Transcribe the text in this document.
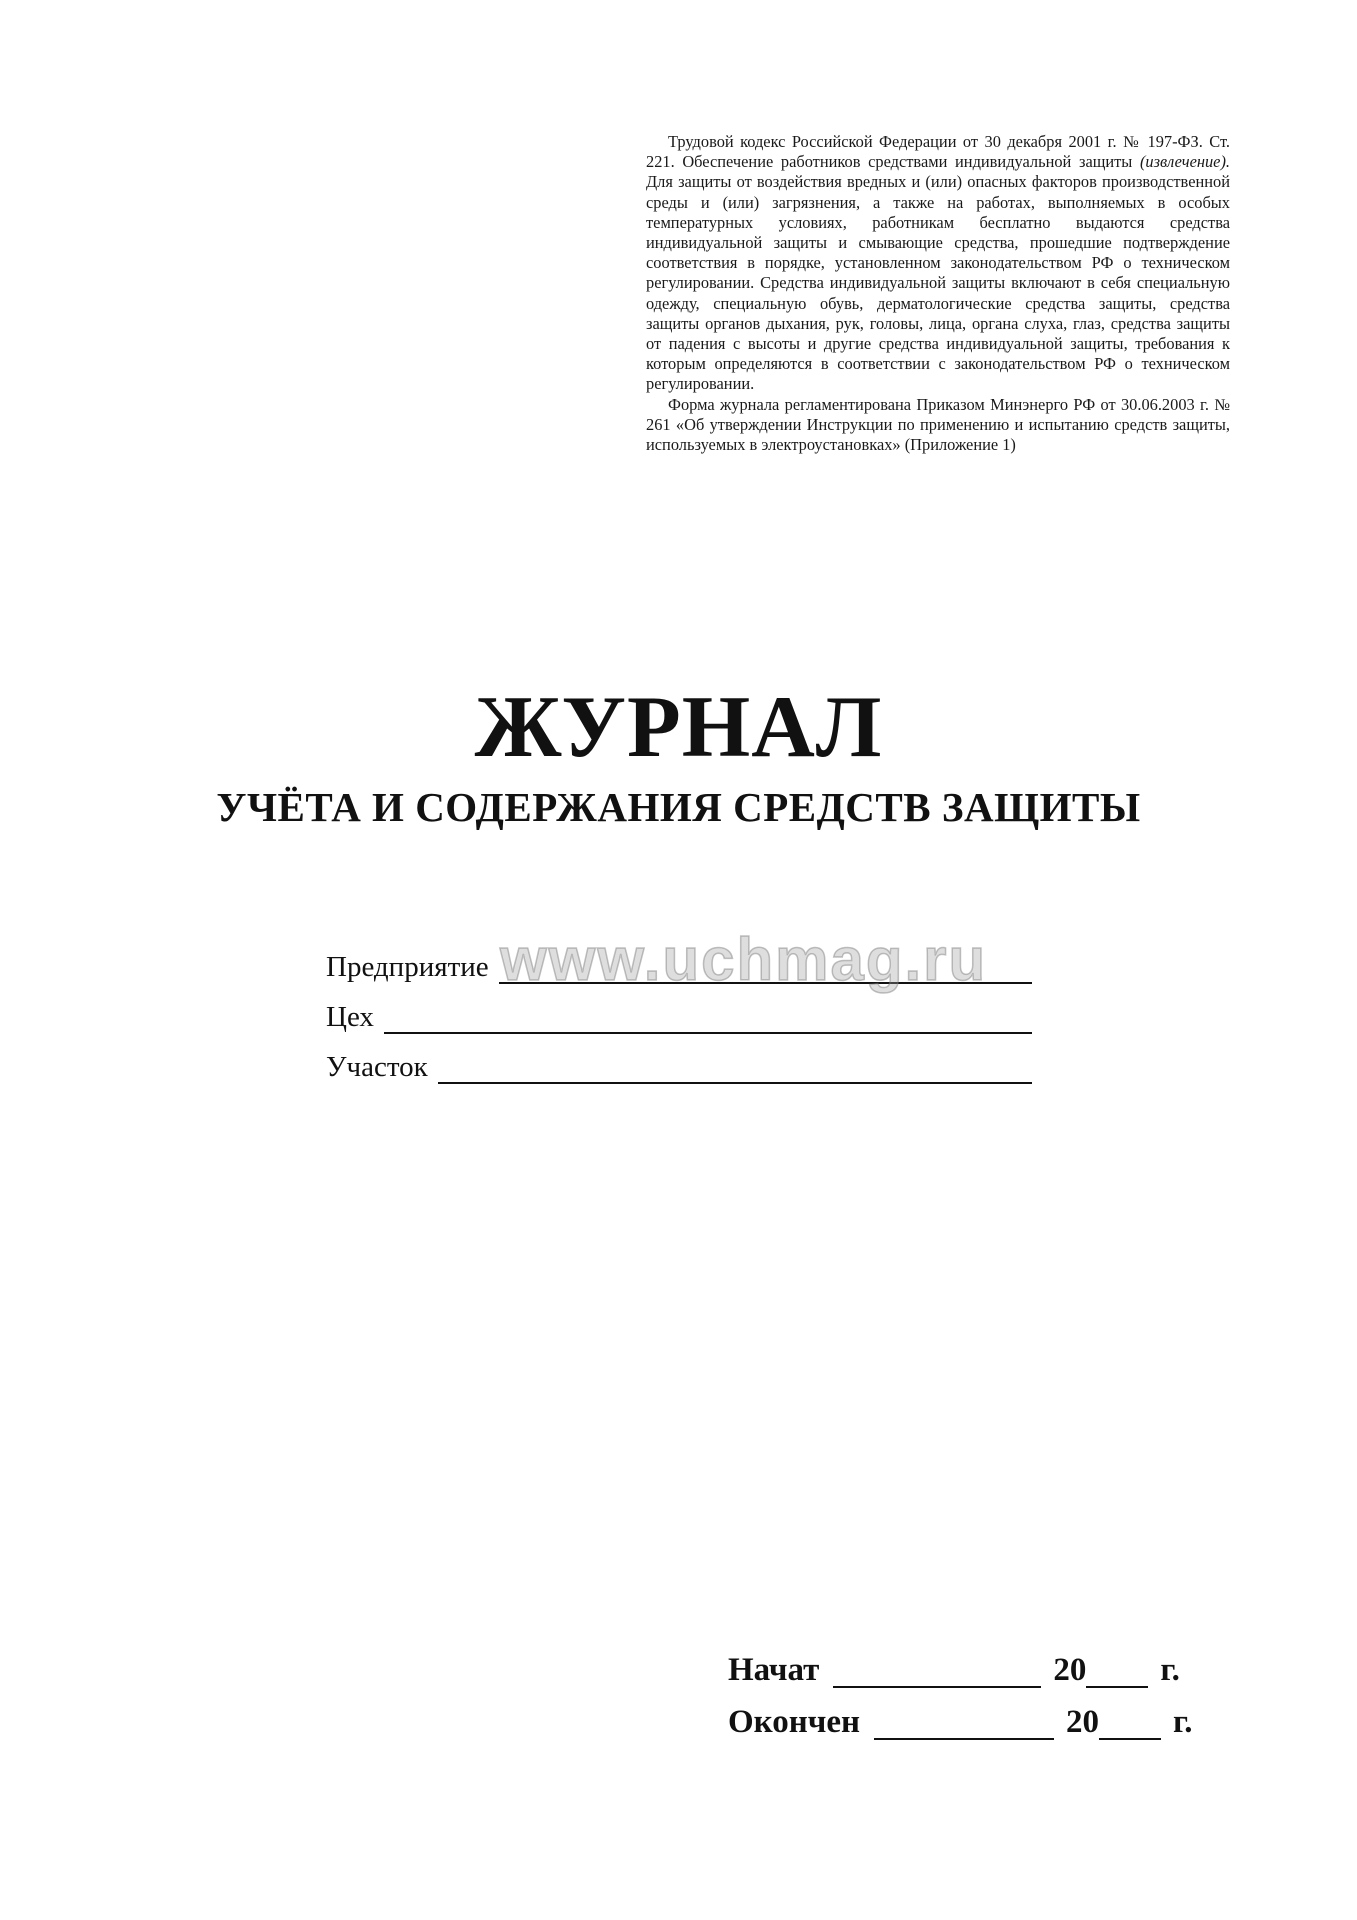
Трудовой кодекс Российской Федерации от 30 декабря 2001 г. № 197-ФЗ. Ст. 221. Обеспечение работников средствами индивидуальной защиты (извлечение). Для защиты от воздействия вредных и (или) опасных факторов производственной среды и (или) загрязнения, а также на работах, выполняемых в особых температурных условиях, работникам бесплатно выдаются средства индивидуальной защиты и смывающие средства, прошедшие подтверждение соответствия в порядке, установленном законодательством РФ о техническом регулировании. Средства индивидуальной защиты включают в себя специальную одежду, специальную обувь, дерматологические средства защиты, средства защиты органов дыхания, рук, головы, лица, органа слуха, глаз, средства защиты от падения с высоты и другие средства индивидуальной защиты, требования к которым определяются в соответствии с законодательством РФ о техническом регулировании.

Форма журнала регламентирована Приказом Минэнерго РФ от 30.06.2003 г. № 261 «Об утверждении Инструкции по применению и испытанию средств защиты, используемых в электроустановках» (Приложение 1)

ЖУРНАЛ
УЧЁТА И СОДЕРЖАНИЯ СРЕДСТВ ЗАЩИТЫ
Предприятие
Цех
Участок
www.uchmag.ru
Начат	20 г.
Окончен	20 г.
